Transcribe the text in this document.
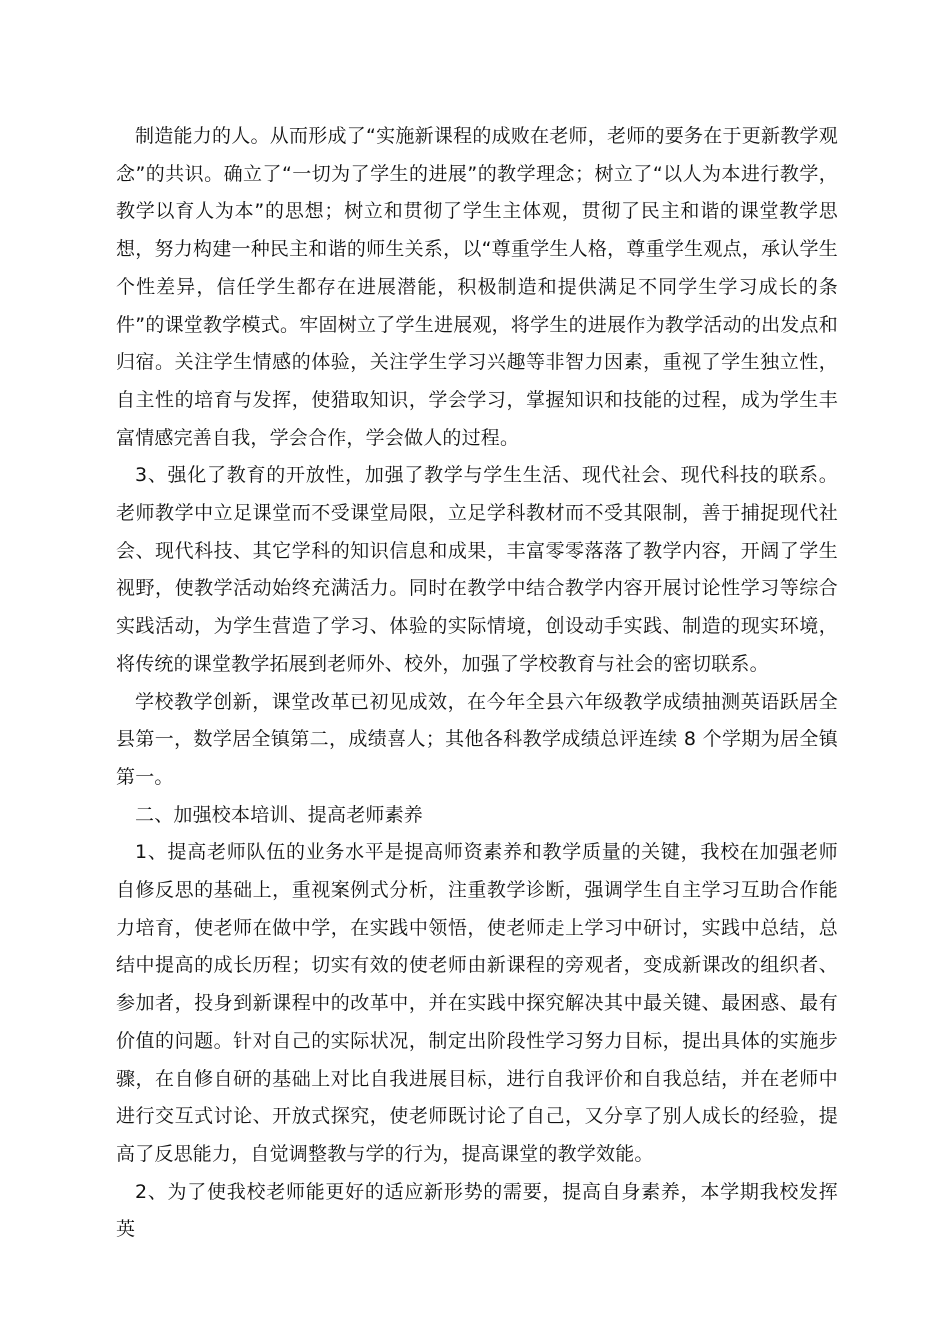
制造能力的人。从而形成了“实施新课程的成败在老师，老师的要务在于更新教学观念”的共识。确立了“一切为了学生的进展”的教学理念；树立了“以人为本进行教学，教学以育人为本”的思想；树立和贯彻了学生主体观，贯彻了民主和谐的课堂教学思想，努力构建一种民主和谐的师生关系，以“尊重学生人格，尊重学生观点，承认学生个性差异，信任学生都存在进展潜能，积极制造和提供满足不同学生学习成长的条件”的课堂教学模式。牢固树立了学生进展观，将学生的进展作为教学活动的出发点和归宿。关注学生情感的体验，关注学生学习兴趣等非智力因素，重视了学生独立性，自主性的培育与发挥，使猎取知识，学会学习，掌握知识和技能的过程，成为学生丰富情感完善自我，学会合作，学会做人的过程。

3、强化了教育的开放性，加强了教学与学生生活、现代社会、现代科技的联系。老师教学中立足课堂而不受课堂局限，立足学科教材而不受其限制，善于捕捉现代社会、现代科技、其它学科的知识信息和成果，丰富零零落落了教学内容，开阔了学生视野，使教学活动始终充满活力。同时在教学中结合教学内容开展讨论性学习等综合实践活动，为学生营造了学习、体验的实际情境，创设动手实践、制造的现实环境，将传统的课堂教学拓展到老师外、校外，加强了学校教育与社会的密切联系。

学校教学创新，课堂改革已初见成效，在今年全县六年级教学成绩抽测英语跃居全县第一，数学居全镇第二，成绩喜人；其他各科教学成绩总评连续 8 个学期为居全镇第一。

二、加强校本培训、提高老师素养

1、提高老师队伍的业务水平是提高师资素养和教学质量的关键，我校在加强老师自修反思的基础上，重视案例式分析，注重教学诊断，强调学生自主学习互助合作能力培育，使老师在做中学，在实践中领悟，使老师走上学习中研讨，实践中总结，总结中提高的成长历程；切实有效的使老师由新课程的旁观者，变成新课改的组织者、参加者，投身到新课程中的改革中，并在实践中探究解决其中最关键、最困惑、最有价值的问题。针对自己的实际状况，制定出阶段性学习努力目标，提出具体的实施步骤，在自修自研的基础上对比自我进展目标，进行自我评价和自我总结，并在老师中进行交互式讨论、开放式探究，使老师既讨论了自己，又分享了别人成长的经验，提高了反思能力，自觉调整教与学的行为，提高课堂的教学效能。

2、为了使我校老师能更好的适应新形势的需要，提高自身素养，本学期我校发挥英
